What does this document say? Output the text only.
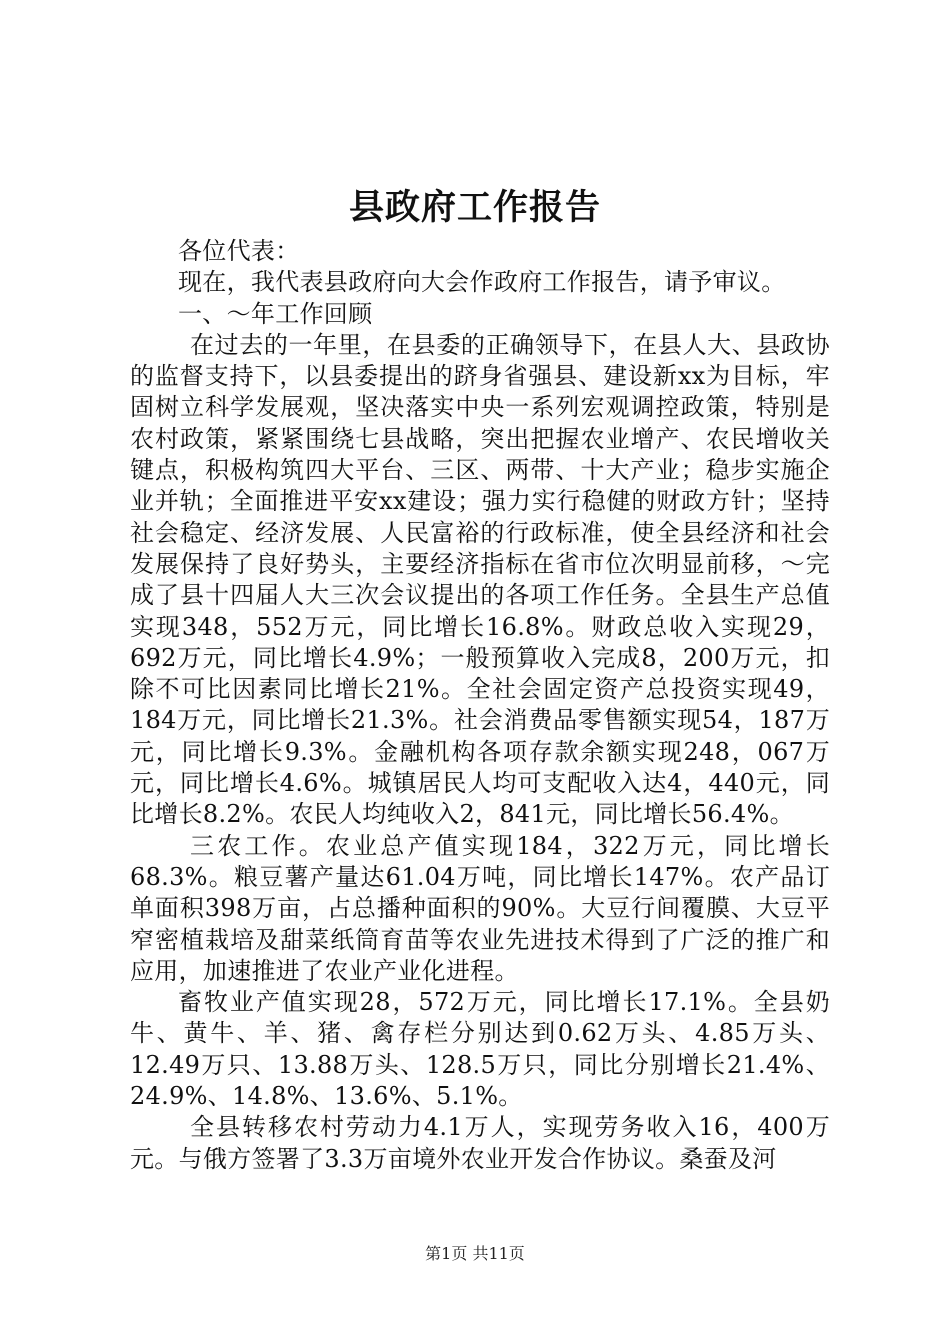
县政府工作报告

各位代表：

现在，我代表县政府向大会作政府工作报告，请予审议。

一、～年工作回顾

在过去的一年里，在县委的正确领导下，在县人大、县政协的监督支持下，以县委提出的跻身省强县、建设新xx为目标，牢固树立科学发展观，坚决落实中央一系列宏观调控政策，特别是农村政策，紧紧围绕七县战略，突出把握农业增产、农民增收关键点，积极构筑四大平台、三区、两带、十大产业；稳步实施企业并轨；全面推进平安xx建设；强力实行稳健的财政方针；坚持社会稳定、经济发展、人民富裕的行政标准，使全县经济和社会发展保持了良好势头，主要经济指标在省市位次明显前移，～完成了县十四届人大三次会议提出的各项工作任务。全县生产总值实现348，552万元，同比增长16.8%。财政总收入实现29，692万元，同比增长4.9%；一般预算收入完成8，200万元，扣除不可比因素同比增长21%。全社会固定资产总投资实现49，184万元，同比增长21.3%。社会消费品零售额实现54，187万元，同比增长9.3%。金融机构各项存款余额实现248，067万元，同比增长4.6%。城镇居民人均可支配收入达4，440元，同比增长8.2%。农民人均纯收入2，841元，同比增长56.4%。

三农工作。农业总产值实现184，322万元，同比增长68.3%。粮豆薯产量达61.04万吨，同比增长147%。农产品订单面积398万亩，占总播种面积的90%。大豆行间覆膜、大豆平窄密植栽培及甜菜纸筒育苗等农业先进技术得到了广泛的推广和应用，加速推进了农业产业化进程。

畜牧业产值实现28，572万元，同比增长17.1%。全县奶牛、黄牛、羊、猪、禽存栏分别达到0.62万头、4.85万头、12.49万只、13.88万头、128.5万只，同比分别增长21.4%、24.9%、14.8%、13.6%、5.1%。

全县转移农村劳动力4.1万人，实现劳务收入16，400万元。与俄方签署了3.3万亩境外农业开发合作协议。桑蚕及河

第1页 共11页
